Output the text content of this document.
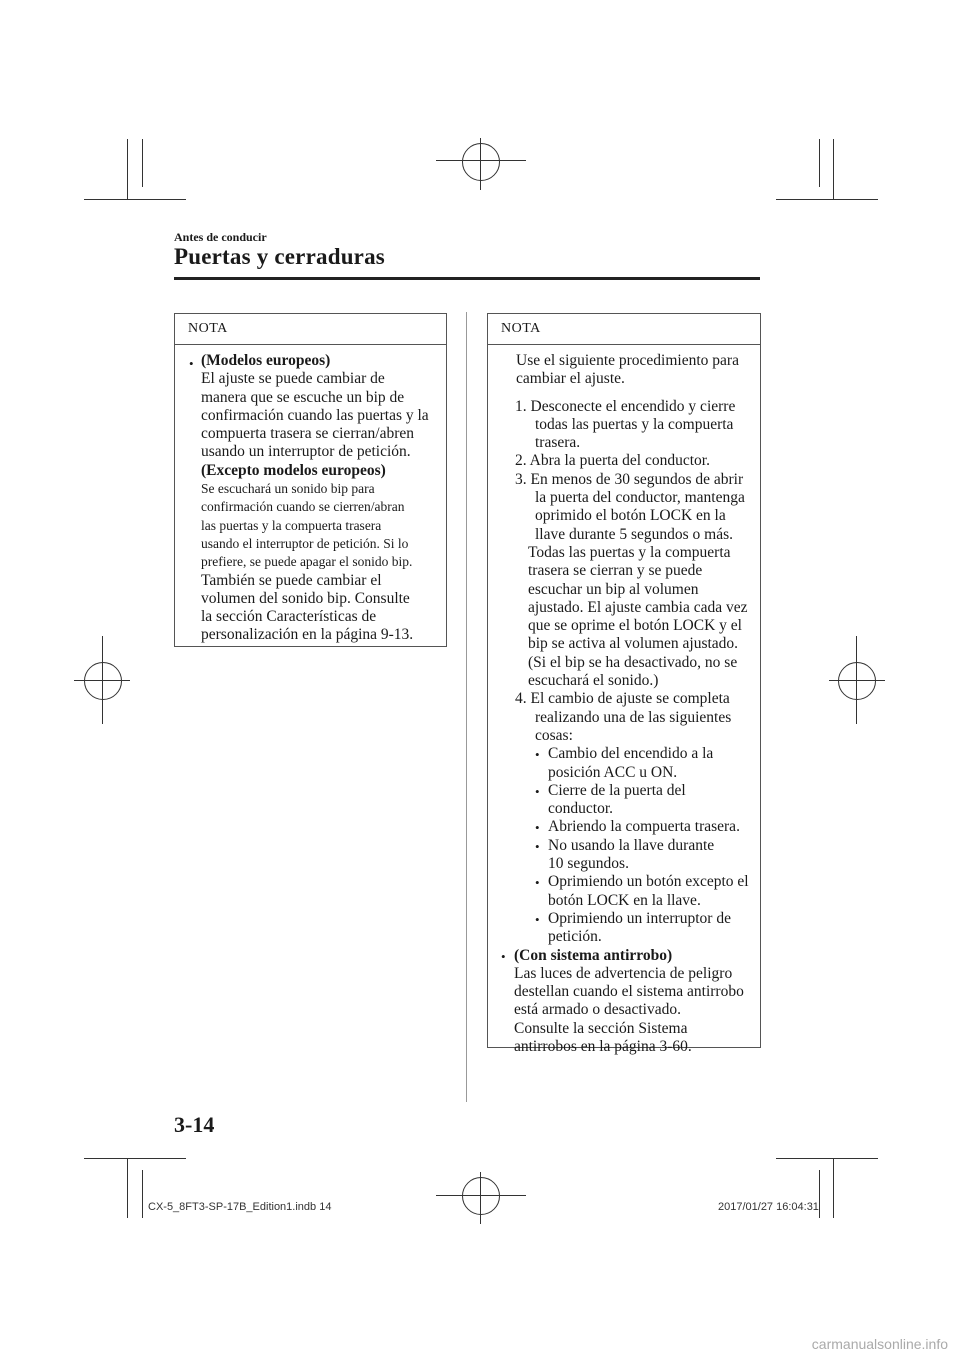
Antes de conducir
Puertas y cerraduras
NOTA
• (Modelos europeos)
El ajuste se puede cambiar de
manera que se escuche un bip de
confirmación cuando las puertas y la
compuerta trasera se cierran/abren
usando un interruptor de petición.
(Excepto modelos europeos)
Se escuchará un sonido bip para
confirmación cuando se cierren/abran
las puertas y la compuerta trasera
usando el interruptor de petición. Si lo
prefiere, se puede apagar el sonido bip.
También se puede cambiar el
volumen del sonido bip. Consulte
la sección Características de
personalización en la página 9-13.
NOTA
Use el siguiente procedimiento para
cambiar el ajuste.
1. Desconecte el encendido y cierre
todas las puertas y la compuerta
trasera.
2. Abra la puerta del conductor.
3. En menos de 30 segundos de abrir
la puerta del conductor, mantenga
oprimido el botón LOCK en la
llave durante 5 segundos o más.
Todas las puertas y la compuerta
trasera se cierran y se puede
escuchar un bip al volumen
ajustado. El ajuste cambia cada vez
que se oprime el botón LOCK y el
bip se activa al volumen ajustado.
(Si el bip se ha desactivado, no se
escuchará el sonido.)
4. El cambio de ajuste se completa
realizando una de las siguientes
cosas:
• Cambio del encendido a la
posición ACC u ON.
• Cierre de la puerta del
conductor.
• Abriendo la compuerta trasera.
• No usando la llave durante
10 segundos.
• Oprimiendo un botón excepto el
botón LOCK en la llave.
• Oprimiendo un interruptor de
petición.
• (Con sistema antirrobo)
Las luces de advertencia de peligro
destellan cuando el sistema antirrobo
está armado o desactivado.
Consulte la sección Sistema
antirrobos en la página 3-60.
3-14
CX-5_8FT3-SP-17B_Edition1.indb 14	2017/01/27 16:04:31
carmanualsonline.info
